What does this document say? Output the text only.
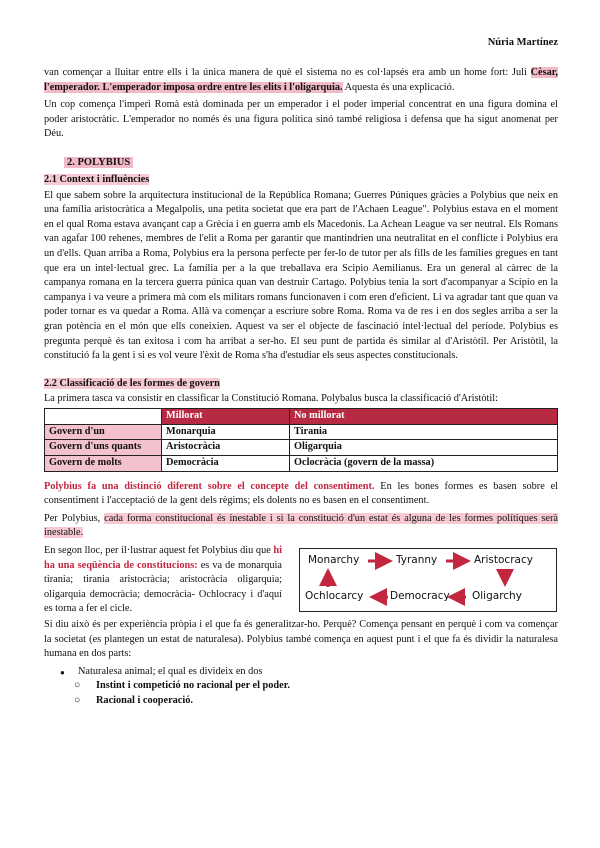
Núria Martínez

van començar a lluitar entre ells i la única manera de què el sistema no es col·lapsés era amb un home fort: Juli Cèsar, l'emperador. L'emperador imposa ordre entre les elits i l'oligarquia. Aquesta és una explicació.

Un cop comença l'imperi Romà està dominada per un emperador i el poder imperial concentrat en una figura domina el poder aristocràtic. L'emperador no només és una figura política sinó també religiosa i defensa que ha sigut anomenat per Déu.

2. POLYBIUS
2.1 Context i influències

El que sabem sobre la arquitectura institucional de la República Romana; Guerres Púniques gràcies a Polybius que neix en una família aristocràtica a Megalpolis, una petita societat que era part de l'Achaen League". Polybius estava en el moment en el qual Roma estava avançant cap a Grècia i en guerra amb els Macedonis. La Achean League va ser neutral. Els Romans van agafar 100 rehenes, membres de l'elit a Roma per garantir que mantindrien una neutralitat en el conflicte i Polybius era un d'ells. Quan arriba a Roma, Polybius era la persona perfecte per fer-lo de tutor per als fills de les famílies gregues en tant que era un intel·lectual grec. La família per a la que treballava era Scipio Aemilianus. Era un general al càrrec de la campanya romana en la tercera guerra púnica quan van destruir Cartago. Polybius tenia la sort d'acompanyar a Scipio en la campanya i va veure a primera mà com els militars romans funcionaven i com eren d'eficient. Li va agradar tant que quan va poder tornar es va quedar a Roma. Allà va començar a escriure sobre Roma. Roma va de res i en dos segles arriba a ser la gran potència en el món que ells coneixien. Aquest va ser el objecte de fascinació intel·lectual del període. Polybius es pregunta perquè és tan exitosa i com ha arribat a ser-ho. El seu punt de partida és similar al d'Aristòtil. Per Aristòtil, la constitució fa la gent i si es vol veure l'èxit de Roma s'ha d'estudiar els seus aspectes constitucionals.

2.2 Classificació de les formes de govern

La primera tasca va consistir en classificar la Constitució Romana. Polybalus busca la classificació d'Aristòtil:

	Millorat	No millorat
Govern d'un	Monarquia	Tirania
Govern d'uns quants	Aristocràcia	Oligarquia
Govern de molts	Democràcia	Oclocràcia (govern de la massa)

Polybius fa una distinció diferent sobre el concepte del consentiment. En les bones formes es basen sobre el consentiment i l'acceptació de la gent dels règims; els dolents no es basen en el consentiment.

Per Polybius, cada forma constitucional és inestable i si la constitució d'un estat és alguna de les formes polítiques serà inestable.

En segon lloc, per il·lustrar aquest fet Polybius diu que hi ha una seqüència de constitucions: es va de monarquia tirania; tirania aristocràcia; aristocràcia oligarquia; oligarquia democràcia; democràcia- Ochlocracy i d'aquí es torna a fer el cicle.
Monarchy	Tyranny	Aristocracy
Ochlocarcy	Democracy Oligarchy

Si diu això és per experiència pròpia i el que fa és generalitzar-ho. Perquè? Comença pensant en perquè i com va començar la societat (es plantegen un estat de naturalesa). Polybius també comença en aquest punt i el que fa és dividir la naturalesa humana en dos parts:

● Naturalesa animal; el qual es divideix en dos
○ Instint i competició no racional per el poder.
○ Racional i cooperació.
